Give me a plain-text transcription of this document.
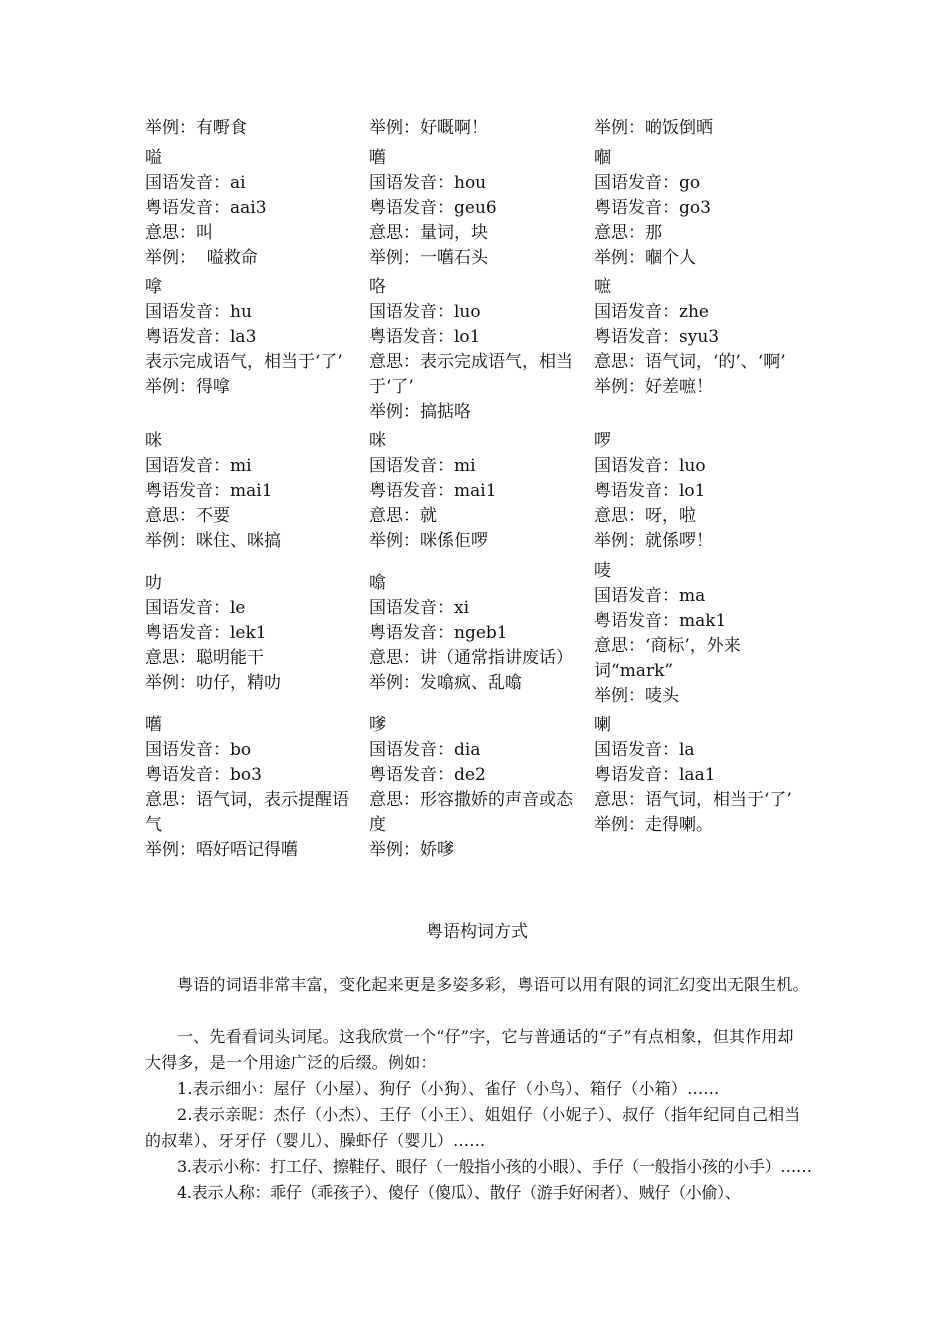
举例：有嘢食
嗌
国语发音：ai
粤语发音：aai3
意思：叫
举例：  嗌救命
嗱
国语发音：hu
粤语发音：la3
表示完成语气，相当于‘了’
举例：得嗱
咪
国语发音：mi
粤语发音：mai1
意思：不要
举例：咪住、咪搞
叻
国语发音：le
粤语发音：lek1
意思：聪明能干
举例：叻仔，精叻
嚿
国语发音：bo
粤语发音：bo3
意思：语气词，表示提醒语气
举例：唔好唔记得嚿
举例：好嘅啊！
嚿
国语发音：hou
粤语发音：geu6
意思：量词，块
举例：一嚿石头
咯
国语发音：luo
粤语发音：lo1
意思：表示完成语气，相当于‘了’
举例：搞掂咯
咪
国语发音：mi
粤语发音：mai1
意思：就
举例：咪係佢啰
噏
国语发音：xi
粤语发音：ngeb1
意思：讲（通常指讲废话）
举例：发噏疯、乱噏
嗲
国语发音：dia
粤语发音：de2
意思：形容撒娇的声音或态度
举例：娇嗲
举例：啲饭倒晒
嗰
国语发音：go
粤语发音：go3
意思：那
举例：嗰个人
嗻
国语发音：zhe
粤语发音：syu3
意思：语气词，‘的’、‘啊’
举例：好差嗻！
啰
国语发音：luo
粤语发音：lo1
意思：呀，啦
举例：就係啰！
唛
国语发音：ma
粤语发音：mak1
意思：‘商标’，外来词“mark”
举例：唛头
喇
国语发音：la
粤语发音：laa1
意思：语气词，相当于‘了’
举例：走得喇。
粤语构词方式

粤语的词语非常丰富，变化起来更是多姿多彩，粤语可以用有限的词汇幻变出无限生机。

一、先看看词头词尾。这我欣赏一个“仔”字，它与普通话的“子”有点相象，但其作用却大得多，是一个用途广泛的后缀。例如：

1.表示细小：屋仔（小屋）、狗仔（小狗）、雀仔（小鸟）、箱仔（小箱）……

2.表示亲昵：杰仔（小杰）、王仔（小王）、姐姐仔（小妮子）、叔仔（指年纪同自己相当的叔辈）、牙牙仔（婴儿）、臊虾仔（婴儿）……

3.表示小称：打工仔、擦鞋仔、眼仔（一般指小孩的小眼）、手仔（一般指小孩的小手）……

4.表示人称：乖仔（乖孩子）、傻仔（傻瓜）、散仔（游手好闲者）、贼仔（小偷）、
